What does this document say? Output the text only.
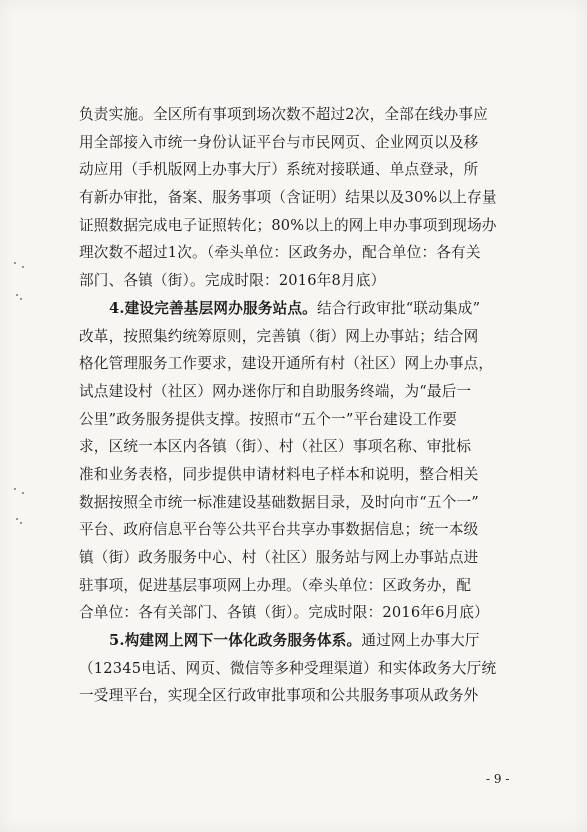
负责实施。全区所有事项到场次数不超过2次，全部在线办事应
用全部接入市统一身份认证平台与市民网页、企业网页以及移
动应用（手机版网上办事大厅）系统对接联通、单点登录，所
有新办审批，备案、服务事项（含证明）结果以及30%以上存量
证照数据完成电子证照转化；80%以上的网上申办事项到现场办
理次数不超过1次。（牵头单位：区政务办，配合单位：各有关
部门、各镇（街）。完成时限：2016年8月底）
4.建设完善基层网办服务站点。结合行政审批“联动集成”
改革，按照集约统筹原则，完善镇（街）网上办事站；结合网
格化管理服务工作要求，建设开通所有村（社区）网上办事点，
试点建设村（社区）网办迷你厅和自助服务终端，为“最后一
公里”政务服务提供支撑。按照市“五个一”平台建设工作要
求，区统一本区内各镇（街）、村（社区）事项名称、审批标
准和业务表格，同步提供申请材料电子样本和说明，整合相关
数据按照全市统一标准建设基础数据目录，及时向市“五个一”
平台、政府信息平台等公共平台共享办事数据信息；统一本级
镇（街）政务服务中心、村（社区）服务站与网上办事站点进
驻事项，促进基层事项网上办理。（牵头单位：区政务办，配
合单位：各有关部门、各镇（街）。完成时限：2016年6月底）
5.构建网上网下一体化政务服务体系。通过网上办事大厅
（12345电话、网页、微信等多种受理渠道）和实体政务大厅统
一受理平台，实现全区行政审批事项和公共服务事项从政务外
- 9 -
